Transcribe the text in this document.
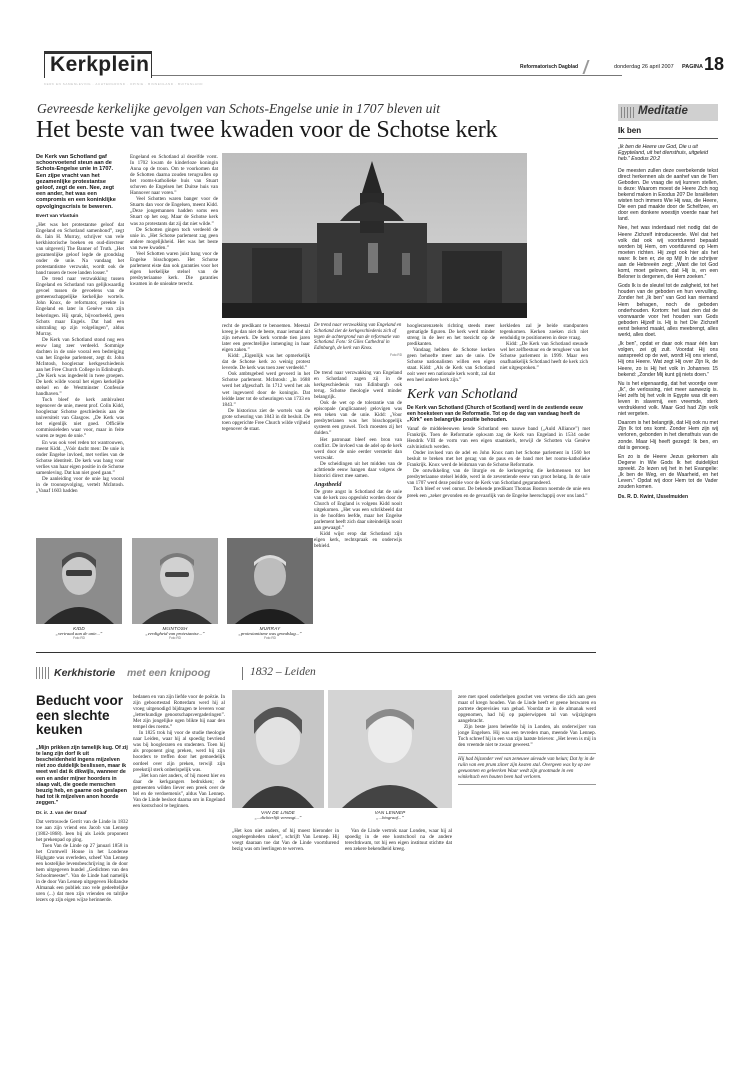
Kerkplein	Reformatorisch Dagblad	donderdag 26 april 2007 PAGINA 18
KERK EN SAMENLEVING · ACHTERGROND · OPINIE · BINNENLAND · BUITENLAND
Gevreesde kerkelijke gevolgen van Schots-Engelse unie in 1707 bleven uit
Het beste van twee kwaden voor de Schotse kerk
De Kerk van Schotland gaf schoorvoetend steun aan de Schots-Engelse unie in 1707. Een zijpe vracht van het gezamenlijke protestantse geloof, zegt de een. Nee, zegt een ander, het was een compromis en een koninklijke opvolgingscrisis te beweren.
Evert van Vlastuin

„Het was het protestantse geloof dat Engeland en Schotland samenbond”, zegt ds. Iain H. Murray, schrijver van vele kerkhistorische boeken en oud-directeur van uitgeverij The Banner of Truth. „Het gezamenlijke geloof legde de grondslag onder de unie. Na vandaag het protestantisme verzwakt, wordt ook de band tussen de twee landen losser.”

De trend naar verzwakking tussen Engeland en Schotland van gelijkwaardig gevoel tussen de gevoelens van de gemeenschappelijke kerkelijke wortels. John Knox, de reformator, preekte in Engeland en later in Genève van zijn bekeringen. Hij sprak, bijvoorbeeld, geen Schots maar Engels. Dat had een uitstraling op zijn volgelingen”, aldus Murray.

De Kerk van Schotland stond nog een eeuw lang zeer verdeeld. Sommige dachten in de unie vooral een bedreiging van het Engelse parlement, zegt dr. John McIntosh, hoogleraar kerkgeschiedenis aan het Free Church College in Edinburgh. „De Kerk was ingedeeld in twee groepen. De kerk wilde vooral het eigen kerkelijke stelsel en de Westminster Confessie handhaven.”

Toch bleef de kerk ambivalent tegenover de unie, meent prof. Colin Kidd, hoogleraar Schotse geschiedenis aan de universiteit van Glasgow. „De Kerk was het eigenlijk niet goed. Officiële commissieleden waar voor, maar in feite waren ze tegen de unie.”

En was ook veel reden tot wantrouwen, meent Kidd. „Vóór dacht men: De unie is onder Engelse invloed, met verlies van de Schotse identiteit. De kerk was bang voor verlies van haar eigen positie in de Schotse samenleving. Dat kan niet goed gaan.”

De aanleiding voor de unie lag vooral in de troonopvolging, vertelt McIntosh. „Vanaf 1603 hadden

Engeland en Schotland al dezelfde vorst. In 1702 kwam de kinderloze koningin Anna op de troon. Om te voorkomen dat de Schotten daarna zouden terugvallen op het rooms-katholieke huis van Stuart schoven de Engelsen het Duitse huis van Hannover naar voren.”

Veel Schotten waren banger voor de Stuarts dan voor de Engelsen, meent Kidd. „Deze jongemannen hadden soms een Stuart op het oog. Maar de Schotse kerk was zo protestants dat zij dat niet wilde.”

De Schotten gingen toch verdeeld de unie in. „Het Schotse parlement zag geen andere mogelijkheid. Het was het beste van twee kwaden.”

Veel Schotten waren juist bang voor de Engelse bisschoppen. Het Schotse parlement eiste dan ook garanties voor het eigen kerkelijke stelsel van de presbyteriaanse kerk. Die garanties kwamen in de unieakte terecht.

recht de predikant te benoemen. Meestal kreeg je dan niet de beste, maar iemand uit zijn netwerk. De kerk vormde tien jaren later een gerechtelijke inmenging in haar eigen zaken.”

Kidd: „Eigenlijk was het opmerkelijk dat de Schotse kerk zo weinig protest leverde. De kerk was toen zeer verdeeld.”

Ook ambtsgebed werd gevoerd in het Schotse parlement. McIntosh: „In 1688 werd het afgeschaft. In 1712 werd het als wet ingevoerd door de koningin. Dat leidde later tot de scheuringen van 1733 en 1843.”

De historicus ziet de wortels van de grote scheuring van 1843 in dit besluit. De toen opgerichte Free Church wilde vrijheid tegenover de staat.

De trend naar verzwakking van Engeland en Schotland ziet de kerkgeschiedenis zich af tegen de achtergrond van de reformatie van Schotland. Foto: St Giles Cathedral in Edinburgh, de kerk van Knox.
Foto RD

De trend naar verzwakking van Engeland en Schotland zagen zij in de kerkgeschiedenis van Edinburgh ook terug. Schotse theologie werd minder belangrijk.

Ook de wet op de tolerantie van de episcopale (anglicaanse) gelovigen was een teken van de unie. Kidd: „Voor presbyterianen was het bisschoppelijk systeem een gruwel. Toch moesten zij het dulden.”

Het patronaat bleef een bron van conflict. De invloed van de adel op de kerk werd door de unie eerder versterkt dan verzwakt.

De scheidingen uit het midden van de achttiende eeuw hangen daar volgens de historici direct mee samen.

Angstbeeld

De grote angst in Schotland dat de unie van de kerk zou opgeslokt worden door de Church of England is volgens Kidd nooit uitgekomen. „Het was een schrikbeeld dat in de hoofden leefde, maar het Engelse parlement heeft zich daar uiteindelijk nooit aan gewaagd.”

Kidd wijst erop dat Schotland zijn eigen kerk, rechtspraak en onderwijs behield.

hooglerarenzetels richting steeds meer gematigde figuren. De kerk werd minder streng in de leer en het toezicht op de predikanten.

Vandaag hebben de Schotse kerken geen behoefte meer aan de unie. De Schotse nationalisten willen een eigen staat. Kidd: „Als de Kerk van Schotland ooit weer een nationale kerk wordt, zal dat een heel andere kerk zijn.”

kerkleden zal je beide standpunten tegenkomen. Kerken zoeken zich niet eenduidig te positioneren in deze vraag.

Kidd: „De Kerk van Schotland steunde wel het zelfbestuur en de terugkeer van het Schotse parlement in 1999. Maar een onafhankelijk Schotland heeft de kerk zich niet uitgesproken.”

Kerk van Schotland
De Kerk van Schotland (Church of Scotland) werd in de zestiende eeuw een hoeksteen van de Reformatie. Tot op de dag van vandaag heeft de „Kirk” een belangrijke positie behouden.

Vanaf de middeleeuwen kende Schotland een nauwe band („Auld Alliance”) met Frankrijk. Toen de Reformatie opkwam zag de Kerk van Engeland in 1534 onder Hendrik VIII de vorm van een eigen staatskerk, terwijl de Schotten via Genève calvinistisch werden.

Onder invloed van de adel en John Knox nam het Schotse parlement in 1560 het besluit te breken met het gezag van de paus en de band met het rooms-katholieke Frankrijk. Knox werd de leidsman van de Schotse Reformatie.

De ontwikkeling van de liturgie en de kerkregering die kerkmensen tot het presbyteriaanse stelsel leidde, werd in de zeventiende eeuw van groot belang. In de unie van 1707 werd deze positie voor de Kerk van Schotland gegarandeerd.

Toch bleef er veel onrust. De bekende predikant Thomas Boston noemde de unie een preek een „zeker gevonden en de gevaarlijk van de Engelse heerschappij over ons land.”

KIDD
„vertraad aan de unie...”
Foto RD
McINTOSH
„eerdigheid van protestantse...”
Foto RD
MURRAY
„protestantisme was grondslag...”
Foto RD
Meditatie
Ik ben
„Ik ben de Heere uw God, Die u uit Egypteland, uit het diensthuis, uitgeleid heb.” Exodus 20:2

De meesten zullen deze overbekende tekst direct herkennen als de aanhef van de Tien Geboden. De vraag die wij kunnen stellen, is deze: Waarom moest de Heere Zich nog bekend maken in Exodus 20? De Israëlieten wisten toch immers Wie Hij was, die Heere, Die een pad maakte door de Schelfzee, en door een donkere woestijn voerde naar het land.

Nee, het was inderdaad niet nodig dat de Heere Zichzelf introduceerde. Wel dat het volk dat ook wij voortdurend bepaald worden bij Hem, om voortdurend op Hem moeten richten. Hij zegt ook hier als het ware: Ik ben er, zie op Mij! In de schrijver aan de Hebreeën zegt: „Want die tot God komt, moet geloven, dat Hij is, en een Beloner is dergenen, die Hem zoeken.”

Gods Ik is de sleutel tot de zaligheid, tot het houden van de geboden en hun vervulling. Zonder het „Ik ben” van God kan niemand Hem behagen, noch de geboden onderhouden. Kortom: het laat zien dat de voorwaarde voor het houden van Gods geboden Hijzelf is. Hij is het Die Zichzelf eerst bekend maakt, alles meebrengt, alles werkt, alles doet.

„Ik ben”, opdat er daar ook maar één kan volgen, zei gij zult. Voordat Hij ons aanspreekt op de wet, wordt Hij ons vriend, Hij ons Heere. Wat zegt Hij over Zijn Ik, de Heere, zo is Hij het volk in Johannes 15 bekend: „Zonder Mij kunt gij niets doen.”

Nu is het eigenaardig, dat het woordje over „Ik”, de verlossing, niet meer aanwezig is. Het zelfs bij het volk in Egypte was dit een leven in slavernij, een vreemde, sterk verdrukkend volk. Maar God had Zijn volk niet vergeten.

Daarom is het belangrijk, dat Hij ook nu met Zijn Ik tot ons komt. Zonder Hem zijn wij verloren, gebonden in het diensthuis van de zonde. Maar Hij heeft gezegd: Ik ben, en dat is genoeg.

En zo is de Heere Jezus gekomen als Degene in Wie Gods Ik het duidelijkst spreekt. Zo lezen wij het in het Evangelie: „Ik ben de Weg, en de Waarheid, en het Leven.” Opdat wij door Hem tot de Vader zouden komen.

Ds. R. D. Kwint, IJsselmuiden
Kerkhistorie met een knipoog	1832 – Leiden
Beducht voor een slechte keuken
„Mijn prikken zijn tamelijk kug. Of zij te lang zijn dorf ik uit bescheidenheid ingens mijzelven niet zoo duidelijk beslissen, maar ik weet wel dat ik dikwijls, wanneer de een en ander mijner hoorders in slaap valt, die goede menschen beuzig heb, en gaarne ook geslapen had tot ik mijzelven anon hoorde zeggen.”
Dr. ir. J. van der Graaf

Dat vertrouwde Gerrit van de Linde in 1832 toe aan zijn vriend ens Jacob van Lennep (1802-1868). Ieen bij als Leids proponent het prekenpad op ging.

Toen Van de Linde op 27 januari 1858 in het Cromwell House in het Londense Highgate was overleden, scheef Van Lennep een kostelijke levensbeschrijving in de door hem uitgegeven bundel „Gedichten van den Schoolmeester”. Van de Linde had namelijk in de door Van Lennep uitgegeven Hollandse Almanak een publiek zoo vele gedeeltelijke uren (...) dat men zijn vrienden en talrijke lezers op zijn eigen wijze herinnerde.

bedanen en van zijn liefde voor de poëzie. In zijn geboortestad Rotterdam werd hij al vroeg uitgenodigd bijdragen te leveren voor „letterkundige genootschapsvergaderingen”. Met zijn jongelijke ogen blikte hij naar den tempel des roems.”

In 1825 trok hij voor de studie theologie naar Leiden, waar hij al spoedig bevriend was bij hoogleraren en studenten. Toen hij als proponent ging preken, werd hij zijn hoorders te treffen door het gemoedelijk oordeel over zijn preken, terwijl zijn preekstijl sterk onberispelijk was.

„Het kon niet anders, of hij moest hier en daar de kerkgangers bedrukken; de gemeenten wilden liever een preek over de hel en de verdoemenis”, aldus Van Lennep. Van de Linde besloot daarna om in Engeland een kostschool te beginnen.

VAN DE LINDE
„...dichterlijk vermogt...”
VAN LENNEP
„...biograaf...”

„Het kon niet anders, of hij moest hieronder in ongelegenheden raken”, schrijft Van Lennep. Hij voegt daaraan toe dat Van de Linde voortdurend bezig was om leerlingen te werven.

Van de Linde vertrok naar Londen, waar hij al spoedig in de ene kostschool na de andere terechtkwam, tot hij een eigen instituut stichtte dat een zekere bekendheid kreeg.

zere met spoel onderhelpen goschet ven vertens die zich aan geen maat of kregn houden. Van de Linde heeft er geene bezwaren en portrete deprevisies van gehad. Voordat ze in de almanak werd opgenomen, had hij op papierwippen tal van wijzigingen aangebracht.

Zijn beste jaren beleefde hij in Londen, als onderwijzer van jonge Engelsen. Hij was een tevreden man, meende Van Lennep. Toch schreef hij in een van zijn laatste brieven: „Het leven is mij in den vreemde niet te zwaar geweest.”

Hij had bijzonder veel van zeneuwe ulevade van heiun; Dat hy in de ruiin van een prum ziiner zijn kosten stal. Overgeen was hy op zee geeuonnen en geleerken Waar wedt zijn grootmade in een winkeltach een houten been had verloren.
